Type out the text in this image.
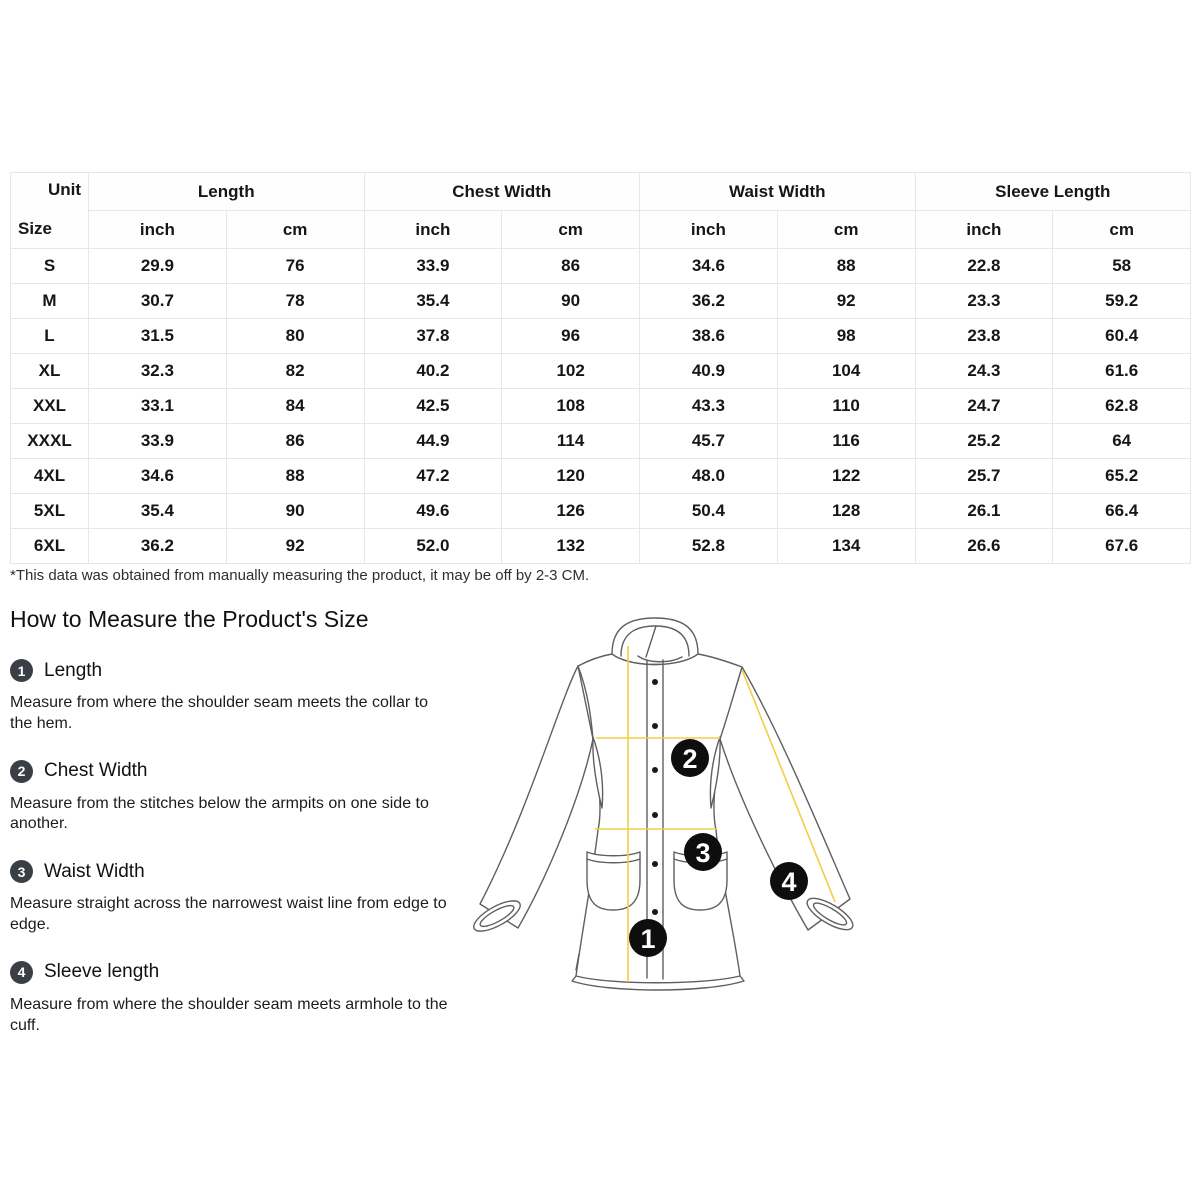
Unit
Size	Length		Chest Width		Waist Width		Sleeve Length	
	inch	cm	inch	cm	inch	cm	inch	cm
S	29.9	76	33.9	86	34.6	88	22.8	58
M	30.7	78	35.4	90	36.2	92	23.3	59.2
L	31.5	80	37.8	96	38.6	98	23.8	60.4
XL	32.3	82	40.2	102	40.9	104	24.3	61.6
XXL	33.1	84	42.5	108	43.3	110	24.7	62.8
XXXL	33.9	86	44.9	114	45.7	116	25.2	64
4XL	34.6	88	47.2	120	48.0	122	25.7	65.2
5XL	35.4	90	49.6	126	50.4	128	26.1	66.4
6XL	36.2	92	52.0	132	52.8	134	26.6	67.6
*This data was obtained from manually measuring the product, it may be off by 2-3 CM.
How to Measure the Product's Size
1 Length

Measure from where the shoulder seam meets the collar to the hem.

2 Chest Width

Measure from the stitches below the armpits on one side to another.

3 Waist Width

Measure straight across the narrowest waist line from edge to edge.

4 Sleeve length

Measure from where the shoulder seam meets armhole to the cuff.

1
2
3
4
